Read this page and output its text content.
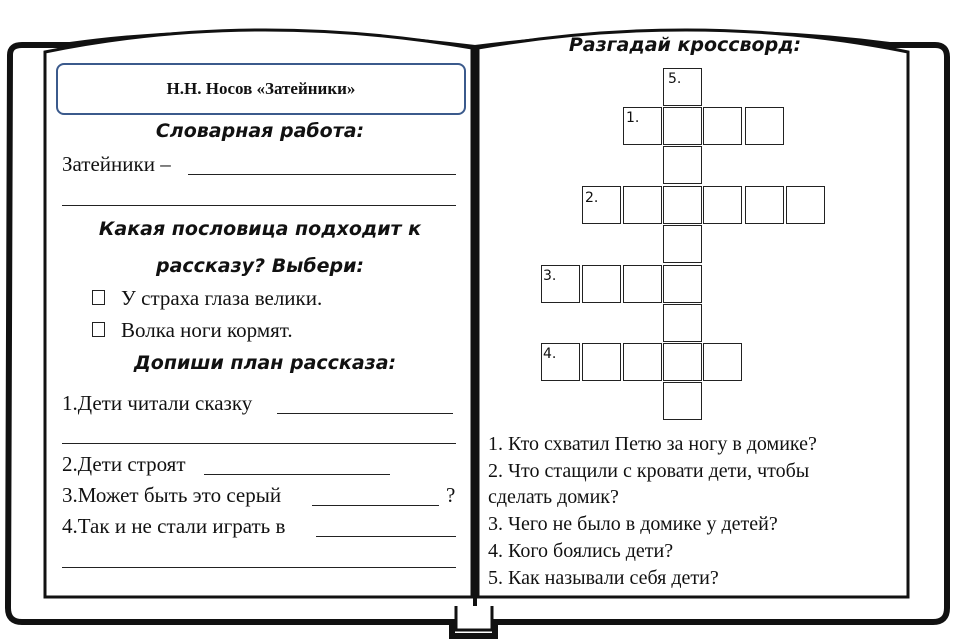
Н.Н. Носов «Затейники»
Словарная работа:
Затейники –
Какая пословица подходит к
рассказу? Выбери:
У страха глаза велики.
Волка ноги кормят.
Допиши план рассказа:
1.Дети читали сказку
2.Дети строят
3.Может быть это серый	?
4.Так и не стали играть в
Разгадай кроссворд:
1.
2.
3.
4.
5.
1. Кто схватил Петю за ногу в домике?
2. Что стащили с кровати дети, чтобы
сделать домик?
3. Чего не было в домике у детей?
4. Кого боялись дети?
5. Как называли себя дети?
